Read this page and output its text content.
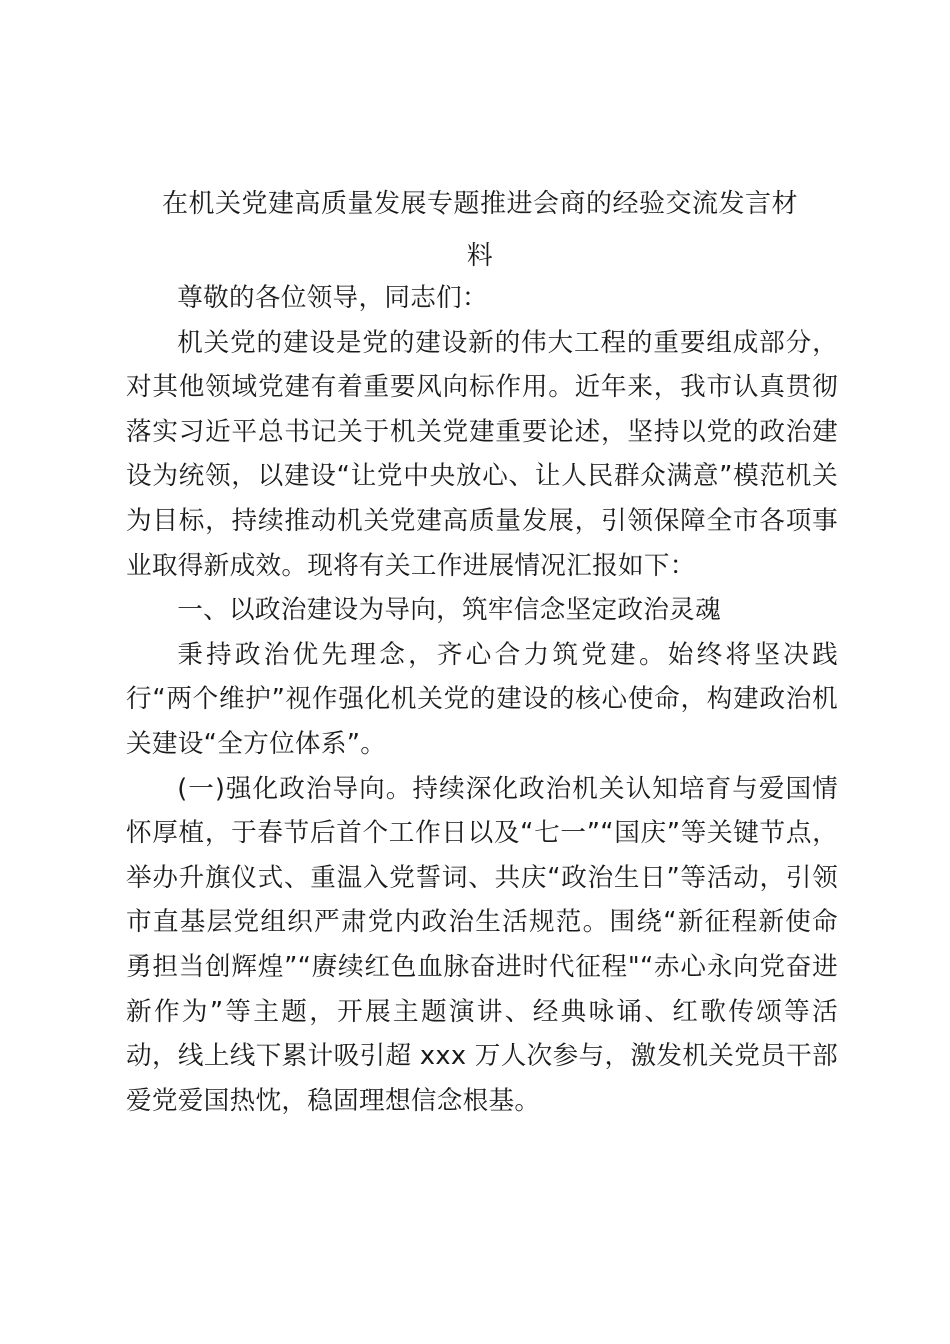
在机关党建高质量发展专题推进会商的经验交流发言材
料

尊敬的各位领导，同志们：

机关党的建设是党的建设新的伟大工程的重要组成部分，对其他领域党建有着重要风向标作用。近年来，我市认真贯彻落实习近平总书记关于机关党建重要论述，坚持以党的政治建设为统领，以建设“让党中央放心、让人民群众满意”模范机关为目标，持续推动机关党建高质量发展，引领保障全市各项事业取得新成效。现将有关工作进展情况汇报如下：

一、以政治建设为导向，筑牢信念坚定政治灵魂

秉持政治优先理念，齐心合力筑党建。始终将坚决践行“两个维护”视作强化机关党的建设的核心使命，构建政治机关建设“全方位体系”。

(一)强化政治导向。持续深化政治机关认知培育与爱国情怀厚植，于春节后首个工作日以及“七一”“国庆”等关键节点，举办升旗仪式、重温入党誓词、共庆“政治生日”等活动，引领市直基层党组织严肃党内政治生活规范。围绕“新征程新使命勇担当创辉煌”“赓续红色血脉奋进时代征程"“赤心永向党奋进新作为”等主题，开展主题演讲、经典咏诵、红歌传颂等活动，线上线下累计吸引超 xxx 万人次参与，激发机关党员干部爱党爱国热忱，稳固理想信念根基。
